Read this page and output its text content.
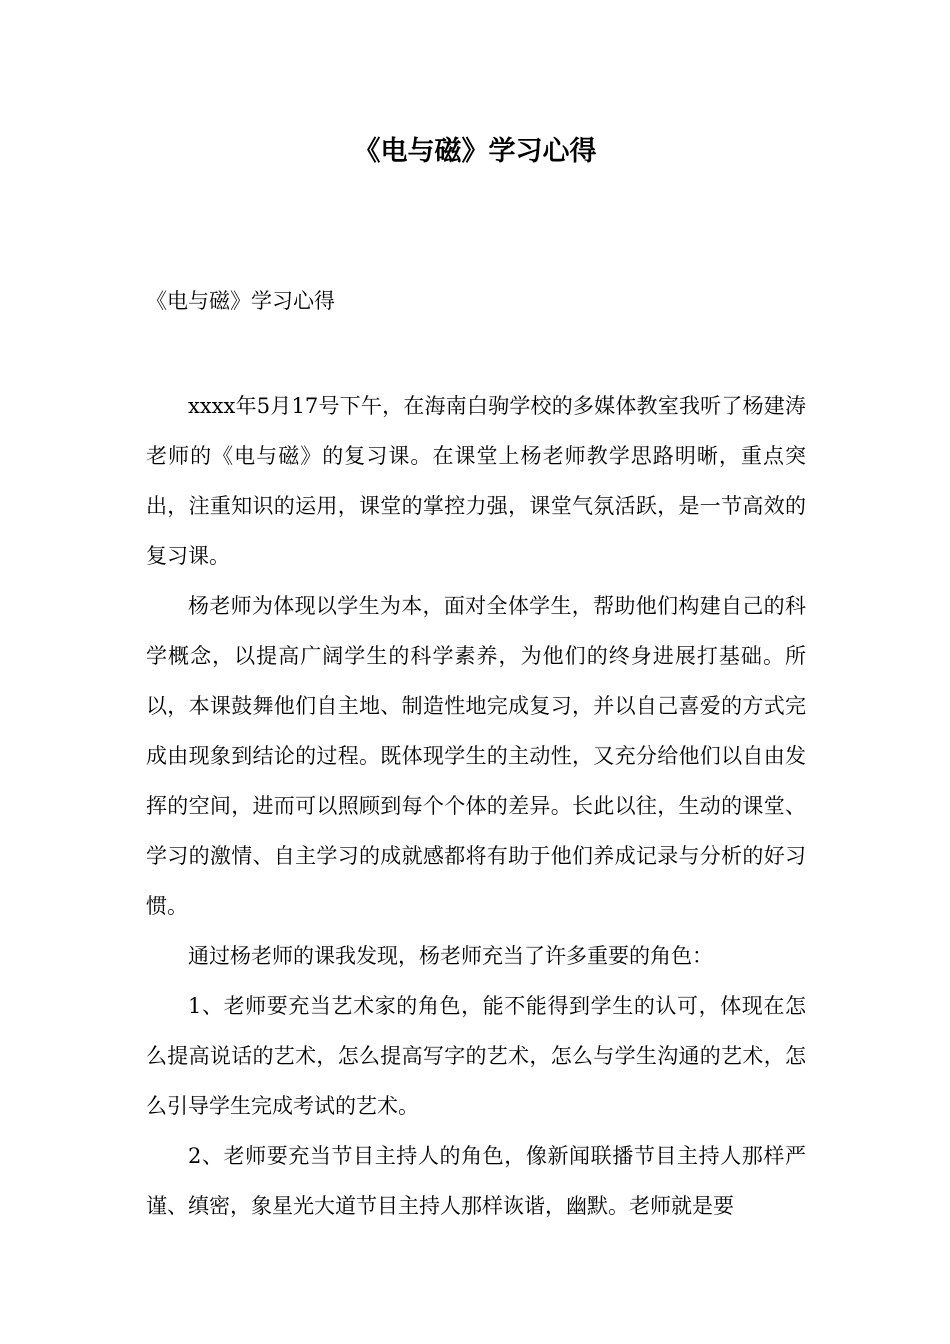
《电与磁》学习心得

《电与磁》学习心得

xxxx年5月17号下午，在海南白驹学校的多媒体教室我听了杨建涛老师的《电与磁》的复习课。在课堂上杨老师教学思路明晰，重点突出，注重知识的运用，课堂的掌控力强，课堂气氛活跃，是一节高效的复习课。

杨老师为体现以学生为本，面对全体学生，帮助他们构建自己的科学概念，以提高广阔学生的科学素养，为他们的终身进展打基础。所以，本课鼓舞他们自主地、制造性地完成复习，并以自己喜爱的方式完成由现象到结论的过程。既体现学生的主动性，又充分给他们以自由发挥的空间，进而可以照顾到每个个体的差异。长此以往，生动的课堂、学习的激情、自主学习的成就感都将有助于他们养成记录与分析的好习惯。

通过杨老师的课我发现，杨老师充当了许多重要的角色：

1、老师要充当艺术家的角色，能不能得到学生的认可，体现在怎么提高说话的艺术，怎么提高写字的艺术，怎么与学生沟通的艺术，怎么引导学生完成考试的艺术。

2、老师要充当节目主持人的角色，像新闻联播节目主持人那样严谨、缜密，象星光大道节目主持人那样诙谐，幽默。老师就是要
